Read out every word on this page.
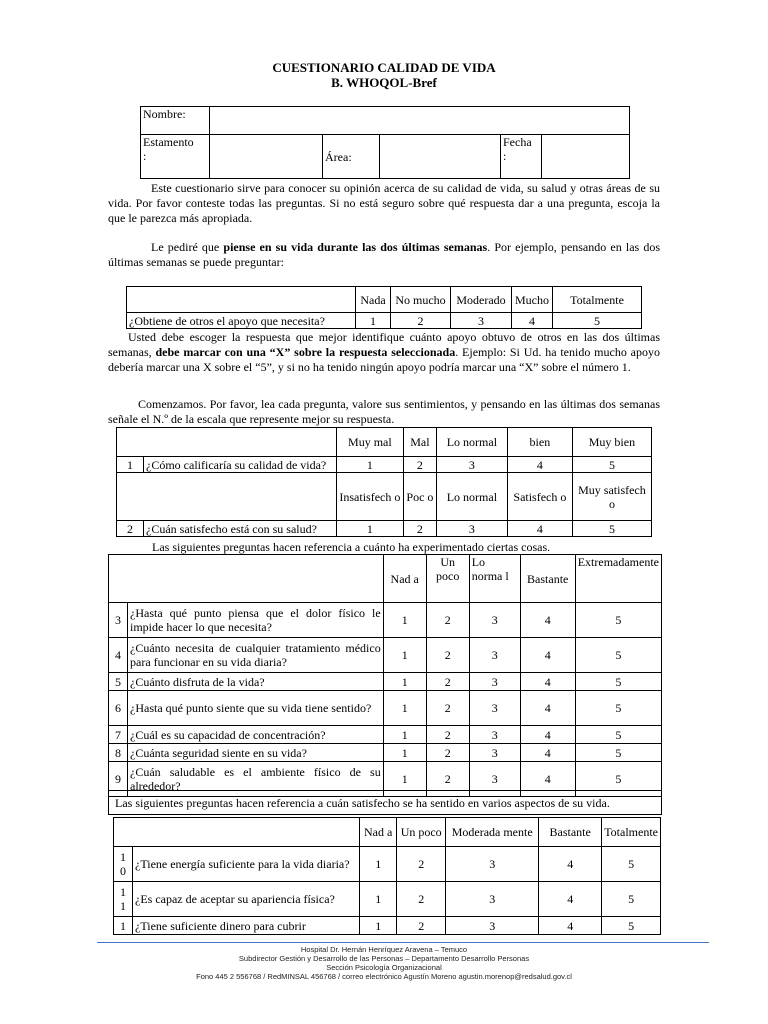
CUESTIONARIO CALIDAD DE VIDA
B. WHOQOL-Bref
Nombre:					
Estamento
:		Área:		Fecha
:	
Este cuestionario sirve para conocer su opinión acerca de su calidad de vida, su salud y otras áreas de su vida. Por favor conteste todas las preguntas. Si no está seguro sobre qué respuesta dar a una pregunta, escoja la que le parezca más apropiada.
Le pediré que piense en su vida durante las dos últimas semanas. Por ejemplo, pensando en las dos últimas semanas se puede preguntar:
	Nada	No mucho	Moderado	Mucho	Totalmente
¿Obtiene de otros el apoyo que necesita?	1	2	3	4	5
Usted debe escoger la respuesta que mejor identifique cuánto apoyo obtuvo de otros en las dos últimas semanas, debe marcar con una “X” sobre la respuesta seleccionada. Ejemplo: Si Ud. ha tenido mucho apoyo debería marcar una X sobre el “5”, y si no ha tenido ningún apoyo podría marcar una “X” sobre el número 1.
Comenzamos. Por favor, lea cada pregunta, valore sus sentimientos, y pensando en las últimas dos semanas señale el N.º de la escala que represente mejor su respuesta.
		Muy mal	Mal	Lo normal	bien	Muy bien
1	¿Cómo calificaría su calidad de vida?	1	2	3	4	5
		Insatisfech o	Poc o	Lo normal	Satisfech o	Muy satisfech o
2	¿Cuán satisfecho está con su salud?	1	2	3	4	5
Las siguientes preguntas hacen referencia a cuánto ha experimentado ciertas cosas.
		Nad a	Un poco	Lo norma l	Bastante	Extremadamente
3	¿Hasta qué punto piensa que el dolor físico le impide hacer lo que necesita?	1	2	3	4	5
4	¿Cuánto necesita de cualquier tratamiento médico para funcionar en su vida diaria?	1	2	3	4	5
5	¿Cuánto disfruta de la vida?	1	2	3	4	5
6	¿Hasta qué punto siente que su vida tiene sentido?	1	2	3	4	5
7	¿Cuál es su capacidad de concentración?	1	2	3	4	5
8	¿Cuánta seguridad siente en su vida?	1	2	3	4	5
9	¿Cuán saludable es el ambiente físico de su alrededor?	1	2	3	4	5
Las siguientes preguntas hacen referencia a cuán satisfecho se ha sentido en varios aspectos de su vida.
		Nad a	Un poco	Moderada mente	Bastante	Totalmente
1 0	¿Tiene energía suficiente para la vida diaria?	1	2	3	4	5
1 1	¿Es capaz de aceptar su apariencia física?	1	2	3	4	5
1	¿Tiene suficiente dinero para cubrir	1	2	3	4	5
Hospital Dr. Hernán Henríquez Aravena – Temuco
Subdirector Gestión y Desarrollo de las Personas – Departamento Desarrollo Personas
Sección Psicología Organizacional
Fono 445 2 556768 / RedMINSAL 456768 / correo electrónico Agustín Moreno agustin.morenop@redsalud.gov.cl
